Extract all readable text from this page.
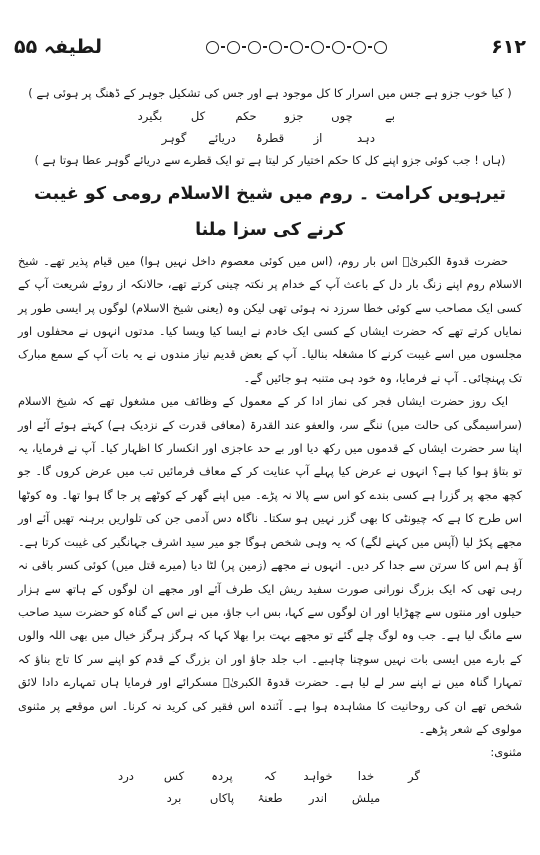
لطیفہ ۵۵	۶۱۲

( کیا خوب جزو ہے جس میں اسرار کا کل موجود ہے اور جس کی تشکیل جوہر کے ڈھنگ پر ہوئی ہے )

بے
چوں
جزو
حکم
کل
بگیرد
دہد
از
قطرۂ
دریائے
گوہر

(ہاں ! جب کوئی جزو اپنے کل کا حکم اختیار کر لیتا ہے تو ایک قطرے سے دریائے گوہر عطا ہوتا ہے )

تیرہویں کرامت ۔ روم میں شیخ الاسلام رومی کو غیبت کرنے کی سزا ملنا

حضرت قدوۃ الکبریٰؒ اس بار روم، (اس میں کوئی معصوم داخل نہیں ہوا) میں قیام پذیر تھے۔ شیخ الاسلام روم اپنے زنگ بار دل کے باعث آپ کے خدام پر نکتہ چینی کرتے تھے، حالانکہ از روئے شریعت آپ کے کسی ایک مصاحب سے کوئی خطا سرزد نہ ہوئی تھی لیکن وہ (یعنی شیخ الاسلام) لوگوں پر ایسی طور پر نمایاں کرتے تھے کہ حضرت ایشاں کے کسی ایک خادم نے ایسا کیا ویسا کیا۔ مدتوں انہوں نے محفلوں اور مجلسوں میں اسے غیبت کرنے کا مشغلہ بنالیا۔ آپ کے بعض قدیم نیاز مندوں نے یہ بات آپ کے سمع مبارک تک پہنچائی۔ آپ نے فرمایا، وہ خود ہی متنبہ ہو جائیں گے۔

ایک روز حضرت ایشاں فجر کی نماز ادا کر کے معمول کے وظائف میں مشغول تھے کہ شیخ الاسلام (سراسیمگی کی حالت میں) ننگے سر، والعفو عند القدرۃ (معافی قدرت کے نزدیک ہے) کہتے ہوئے آئے اور اپنا سر حضرت ایشاں کے قدموں میں رکھ دیا اور بے حد عاجزی اور انکسار کا اظہار کیا۔ آپ نے فرمایا، یہ تو بتاؤ ہوا کیا ہے؟ انہوں نے عرض کیا پہلے آپ عنایت کر کے معاف فرمائیں تب میں عرض کروں گا۔ جو کچھ مجھ پر گزرا ہے کسی بندے کو اس سے پالا نہ پڑے۔ میں اپنے گھر کے کوٹھے پر جا گا ہوا تھا۔ وہ کوٹھا اس طرح کا ہے کہ چیونٹی کا بھی گزر نہیں ہو سکتا۔ ناگاہ دس آدمی جن کی تلواریں برہنہ تھیں آئے اور مجھے پکڑ لیا (آپس میں کہنے لگے) کہ یہ وہی شخص ہوگا جو میر سید اشرف جہانگیر کی غیبت کرتا ہے۔ آؤ ہم اس کا سرتن سے جدا کر دیں۔ انہوں نے مجھے (زمین پر) لٹا دیا (میرے قتل میں) کوئی کسر باقی نہ رہی تھی کہ ایک بزرگ نورانی صورت سفید ریش ایک طرف آئے اور مجھے ان لوگوں کے ہاتھ سے ہزار حیلوں اور منتوں سے چھڑایا اور ان لوگوں سے کہا، بس اب جاؤ، میں نے اس کے گناہ کو حضرت سید صاحب سے مانگ لیا ہے۔ جب وہ لوگ چلے گئے تو مجھے بہت برا بھلا کہا کہ ہرگز ہرگز خیال میں بھی اللہ والوں کے بارے میں ایسی بات نہیں سوچنا چاہیے۔ اب جلد جاؤ اور ان بزرگ کے قدم کو اپنے سر کا تاج بناؤ کہ تمہارا گناہ میں نے اپنے سر لے لیا ہے۔ حضرت قدوۃ الکبریٰؒ مسکرائے اور فرمایا ہاں تمہارے دادا لائق شخص تھے ان کی روحانیت کا مشاہدہ ہوا ہے۔ آئندہ اس فقیر کی کرید نہ کرنا۔ اس موقعے پر مثنوی مولوی کے شعر پڑھے۔

مثنوی:

گر
خدا
خواہد
کہ
پردہ
کس
درد
میلش
اندر
طعنۂ
پاکاں
برد
